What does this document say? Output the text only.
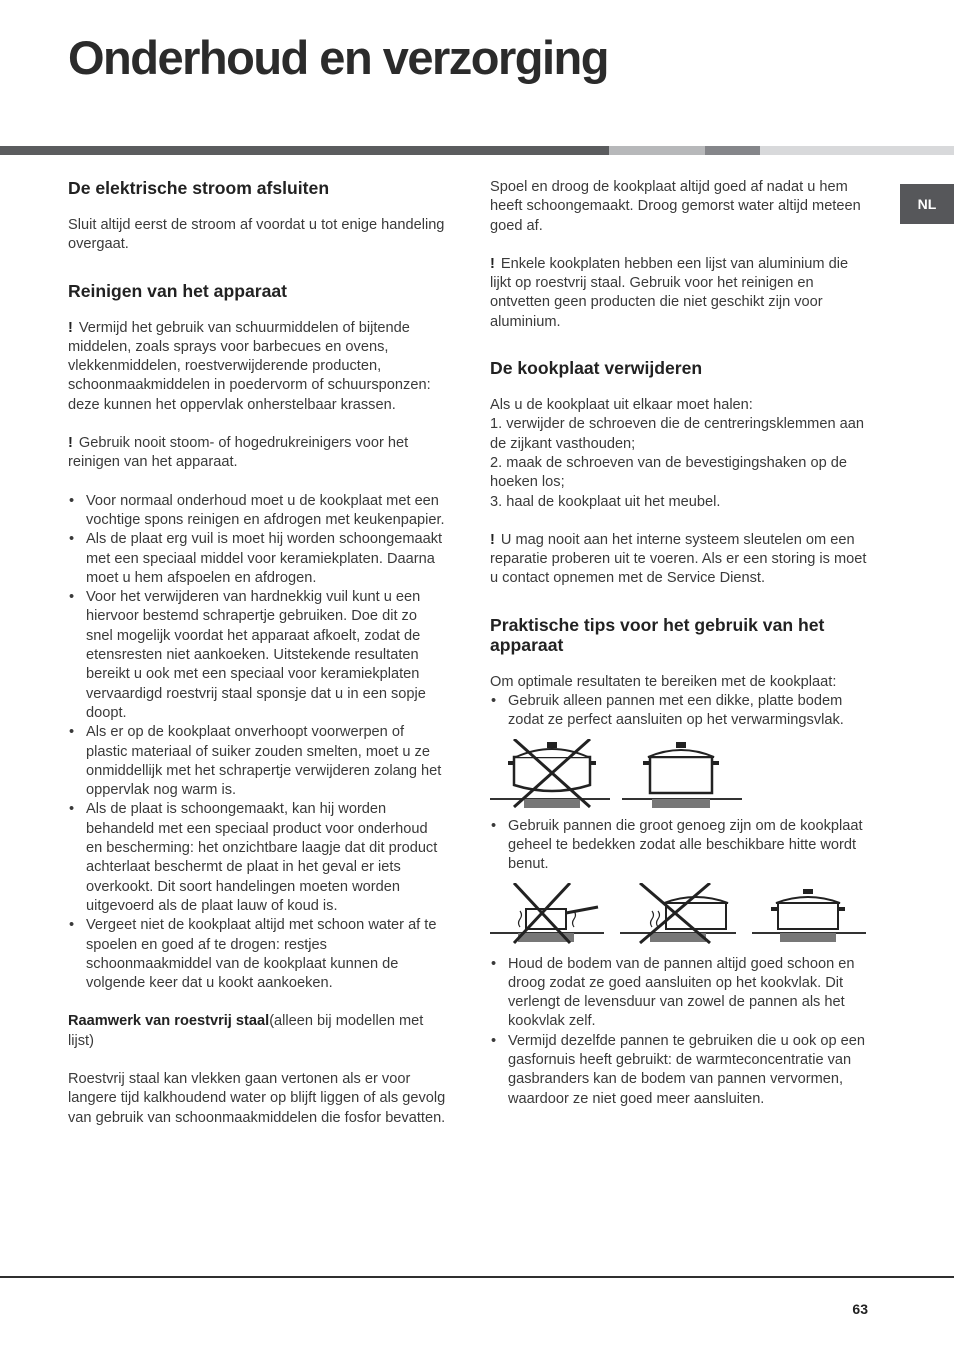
Onderhoud en verzorging
NL
De elektrische stroom afsluiten

Sluit altijd eerst de stroom af voordat u tot enige handeling overgaat.

Reinigen van het apparaat

! Vermijd het gebruik van schuurmiddelen of bijtende middelen, zoals sprays voor barbecues en ovens, vlekkenmiddelen, roestverwijderende producten, schoonmaakmiddelen in poedervorm of schuursponzen: deze kunnen het oppervlak onherstelbaar krassen.

! Gebruik nooit stoom- of hogedrukreinigers voor het reinigen van het apparaat.

• Voor normaal onderhoud moet u de kookplaat met een vochtige spons reinigen en afdrogen met keukenpapier.
• Als de plaat erg vuil is moet hij worden schoongemaakt met een speciaal middel voor keramiekplaten. Daarna moet u hem afspoelen en afdrogen.
• Voor het verwijderen van hardnekkig vuil kunt u een hiervoor bestemd schrapertje gebruiken. Doe dit zo snel mogelijk voordat het apparaat afkoelt, zodat de etensresten niet aankoeken. Uitstekende resultaten bereikt u ook met een speciaal voor keramiekplaten vervaardigd roestvrij staal sponsje dat u in een sopje doopt.
• Als er op de kookplaat onverhoopt voorwerpen of plastic materiaal of suiker zouden smelten, moet u ze onmiddellijk met het schrapertje verwijderen zolang het oppervlak nog warm is.
• Als de plaat is schoongemaakt, kan hij worden behandeld met een speciaal product voor onderhoud en bescherming: het onzichtbare laagje dat dit product achterlaat beschermt de plaat in het geval er iets overkookt. Dit soort handelingen moeten worden uitgevoerd als de plaat lauw of koud is.
• Vergeet niet de kookplaat altijd met schoon water af te spoelen en goed af te drogen: restjes schoonmaakmiddel van de kookplaat kunnen de volgende keer dat u kookt aankoeken.

Raamwerk van roestvrij staal(alleen bij modellen met lijst)

Roestvrij staal kan vlekken gaan vertonen als er voor langere tijd kalkhoudend water op blijft liggen of als gevolg van gebruik van schoonmaakmiddelen die fosfor bevatten.

Spoel en droog de kookplaat altijd goed af nadat u hem heeft schoongemaakt. Droog gemorst water altijd meteen goed af.

! Enkele kookplaten hebben een lijst van aluminium die lijkt op roestvrij staal. Gebruik voor het reinigen en ontvetten geen producten die niet geschikt zijn voor aluminium.

De kookplaat verwijderen

Als u de kookplaat uit elkaar moet halen:

1. verwijder de schroeven die de centreringsklemmen aan de zijkant vasthouden;

2. maak de schroeven van de bevestigingshaken op de hoeken los;

3. haal de kookplaat uit het meubel.

! U mag nooit aan het interne systeem sleutelen om een reparatie proberen uit te voeren. Als er een storing is moet u contact opnemen met de Service Dienst.

Praktische tips voor het gebruik van het apparaat

Om optimale resultaten te bereiken met de kookplaat:

• Gebruik alleen pannen met een dikke, platte bodem zodat ze perfect aansluiten op het verwarmingsvlak.
• Gebruik pannen die groot genoeg zijn om de kookplaat geheel te bedekken zodat alle beschikbare hitte wordt benut.
• Houd de bodem van de pannen altijd goed schoon en droog zodat ze goed aansluiten op het kookvlak. Dit verlengt de levensduur van zowel de pannen als het kookvlak zelf.
• Vermijd dezelfde pannen te gebruiken die u ook op een gasfornuis heeft gebruikt: de warmteconcentratie van gasbranders kan de bodem van pannen vervormen, waardoor ze niet goed meer aansluiten.
63
